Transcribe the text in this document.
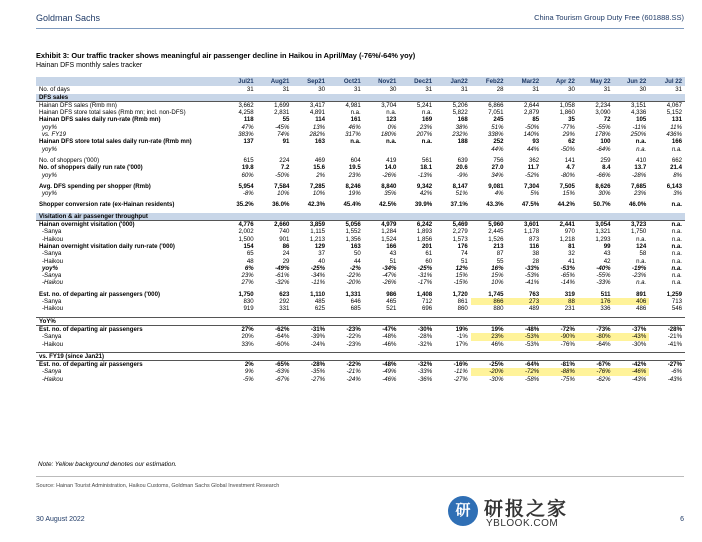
Goldman Sachs	China Tourism Group Duty Free (601888.SS)
Exhibit 3: Our traffic tracker shows meaningful air passenger decline in Haikou in April/May (-76%/-64% yoy)
Hainan DFS monthly sales tracker
	Jul21	Aug21	Sep21	Oct21	Nov21	Dec21	Jan22	Feb22	Mar22	Apr 22	May 22	Jun 22	Jul 22
No. of days	31	31	30	31	30	31	31	28	31	30	31	30	31
DFS sales													
Hainan DFS sales (Rmb mn)	3,662	1,699	3,417	4,981	3,704	5,241	5,206	6,866	2,644	1,058	2,234	3,151	4,067
Hainan DFS store total sales (Rmb mn; incl. non-DFS)	4,258	2,831	4,891	n.a.	n.a.	n.a.	5,822	7,051	2,879	1,860	3,090	4,336	5,152
Hainan DFS sales daily run-rate (Rmb mn)	118	55	114	161	123	169	168	245	85	35	72	105	131
yoy%	47%	-45%	13%	46%	0%	23%	38%	51%	-50%	-77%	-55%	-11%	11%
vs. FY19	383%	74%	282%	317%	180%	207%	232%	338%	140%	29%	178%	250%	436%
Hainan DFS store total sales daily run-rate (Rmb mn)	137	91	163	n.a.	n.a.	n.a.	188	252	93	62	100	n.a.	166
yoy%								44%	44%	-50%	-64%	n.a.	n.a.

No. of shoppers ('000)	615	224	469	604	419	561	639	756	362	141	259	410	662
No. of shoppers daily run rate ('000)	19.8	7.2	15.6	19.5	14.0	18.1	20.6	27.0	11.7	4.7	8.4	13.7	21.4
yoy%	60%	-50%	2%	23%	-26%	-13%	-9%	34%	-52%	-80%	-66%	-28%	8%

Avg. DFS spending per shopper (Rmb)	5,954	7,584	7,285	8,246	8,840	9,342	8,147	9,081	7,304	7,505	8,626	7,685	6,143
yoy%	-8%	10%	10%	19%	35%	42%	51%	4%	5%	15%	30%	23%	3%

Shopper conversion rate (ex-Hainan residents)	35.2%	36.0%	42.3%	45.4%	42.5%	39.9%	37.1%	43.3%	47.5%	44.2%	50.7%	46.0%	n.a.

Visitation & air passenger throughput													
Hainan overnight visitation ('000)	4,776	2,660	3,859	5,056	4,979	6,242	5,469	5,960	3,601	2,441	3,054	3,723	n.a.
-Sanya	2,002	740	1,115	1,552	1,284	1,893	2,279	2,445	1,178	970	1,321	1,750	n.a.
-Haikou	1,500	901	1,213	1,356	1,524	1,856	1,573	1,526	873	1,218	1,293	n.a.	n.a.
Hainan overnight visitation daily run-rate ('000)	154	86	129	163	166	201	176	213	116	81	99	124	n.a.
-Sanya	65	24	37	50	43	61	74	87	38	32	43	58	n.a.
-Haikou	48	29	40	44	51	60	51	55	28	41	42	n.a.	n.a.
yoy%	6%	-49%	-25%	-2%	-34%	-25%	12%	16%	-33%	-53%	-40%	-19%	n.a.
-Sanya	23%	-61%	-34%	-22%	-47%	-31%	15%	15%	-53%	-65%	-55%	-23%	n.a.
-Haikou	27%	-32%	-11%	-20%	-26%	-17%	-15%	10%	-41%	-14%	-33%	n.a.	n.a.

Est. no. of departing air passengers ('000)	1,750	623	1,110	1,331	986	1,408	1,720	1,745	763	319	511	891	1,259
-Sanya	830	292	485	646	465	712	861	866	273	88	176	406	713
-Haikou	919	331	625	685	521	696	860	880	489	231	336	486	546

YoY%													
Est. no. of departing air passengers	27%	-62%	-31%	-23%	-47%	-30%	19%	19%	-48%	-72%	-73%	-37%	-28%
-Sanya	20%	-64%	-39%	-22%	-48%	-28%	-1%	23%	-53%	-90%	-80%	-43%	-21%
-Haikou	33%	-60%	-24%	-23%	-46%	-32%	17%	46%	-53%	-76%	-64%	-30%	-41%

vs. FY19 (since Jan21)													
Est. no. of departing air passengers	2%	-65%	-28%	-22%	-48%	-32%	-16%	-25%	-64%	-81%	-67%	-42%	-27%
-Sanya	9%	-63%	-35%	-21%	-49%	-33%	-11%	-20%	-72%	-88%	-76%	-46%	-6%
-Haikou	-5%	-67%	-27%	-24%	-46%	-36%	-27%	-30%	-58%	-75%	-62%	-43%	-43%
Note: Yellow background denotes our estimation.
Source: Hainan Tourist Administration, Haikou Customs, Goldman Sachs Global Investment Research
研 研报之家
YBLOOK.COM
30 August 2022	6
